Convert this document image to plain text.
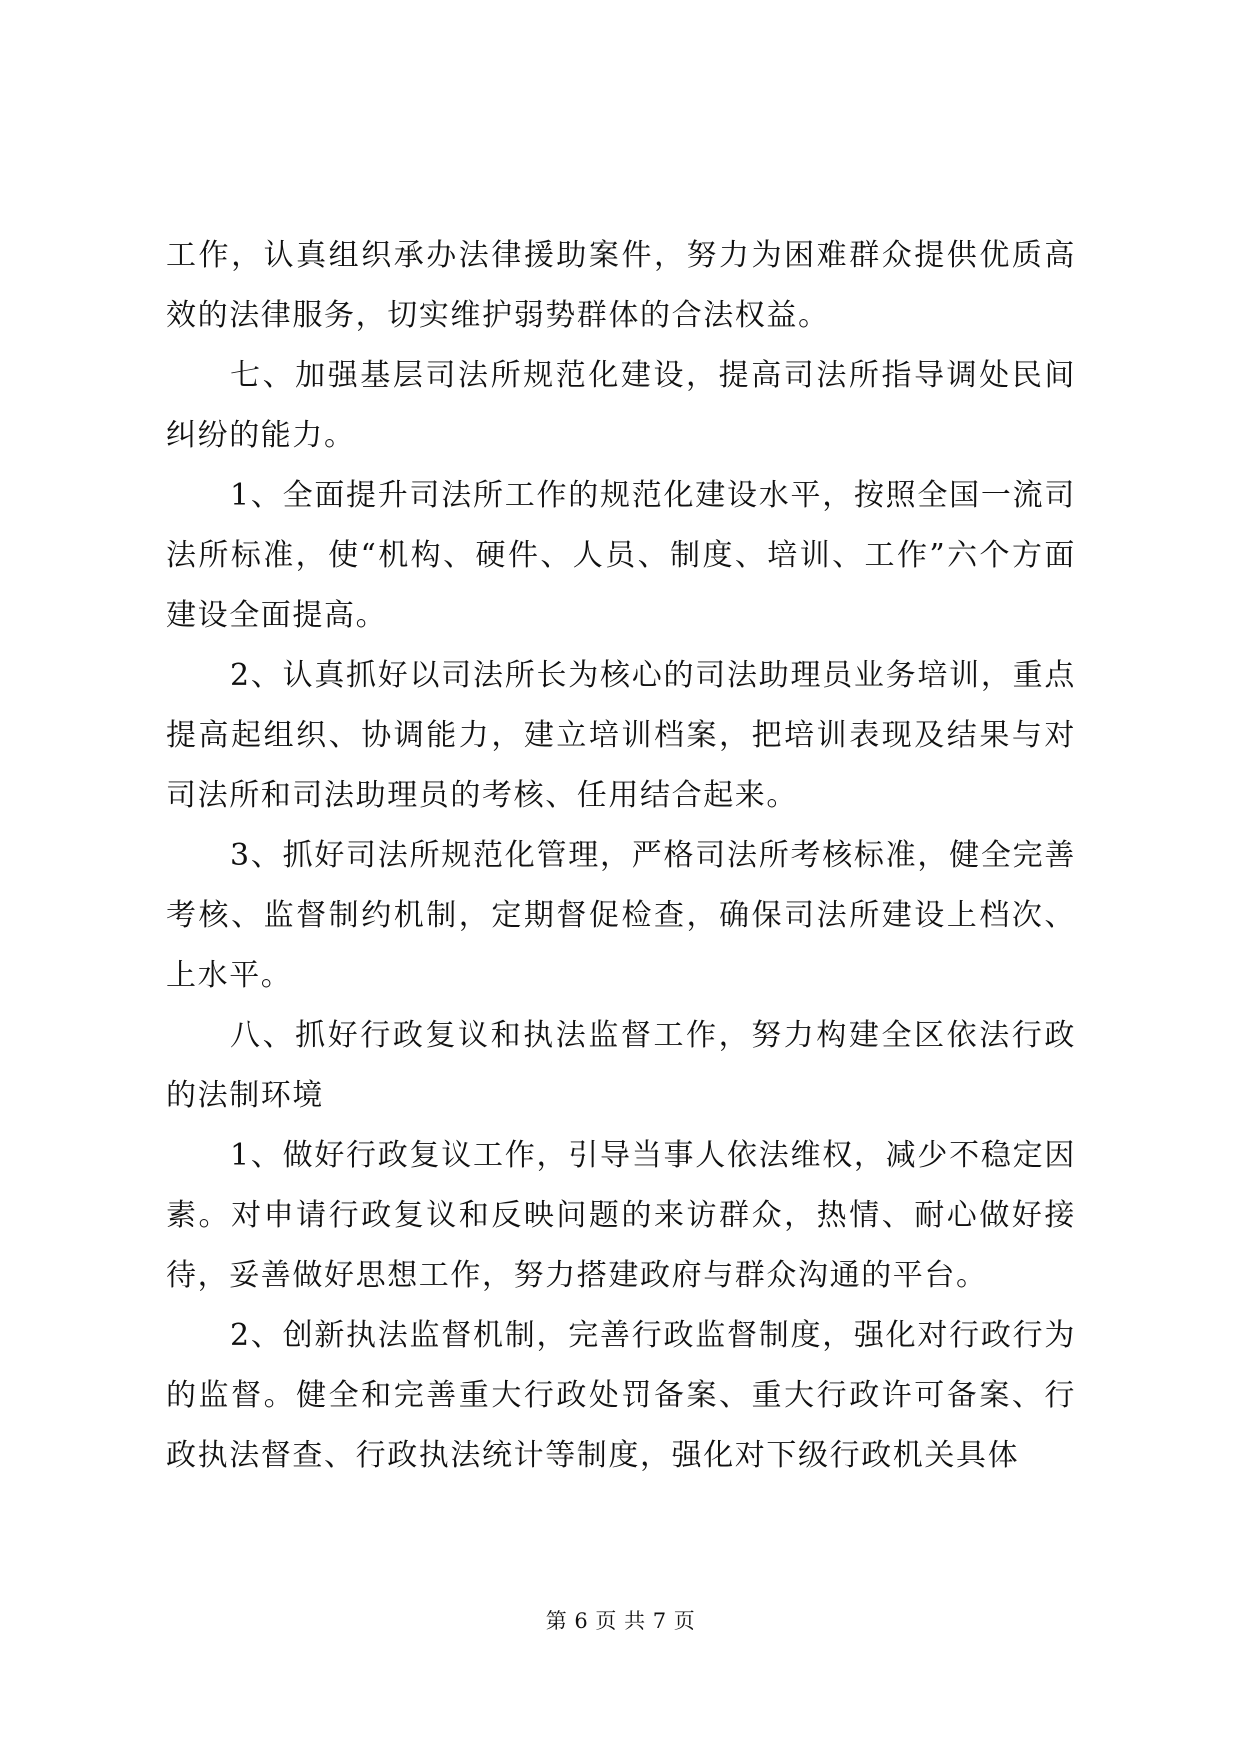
工作，认真组织承办法律援助案件，努力为困难群众提供优质高效的法律服务，切实维护弱势群体的合法权益。

七、加强基层司法所规范化建设，提高司法所指导调处民间纠纷的能力。

1、全面提升司法所工作的规范化建设水平，按照全国一流司法所标准，使“机构、硬件、人员、制度、培训、工作”六个方面建设全面提高。

2、认真抓好以司法所长为核心的司法助理员业务培训，重点提高起组织、协调能力，建立培训档案，把培训表现及结果与对司法所和司法助理员的考核、任用结合起来。

3、抓好司法所规范化管理，严格司法所考核标准，健全完善考核、监督制约机制，定期督促检查，确保司法所建设上档次、上水平。

八、抓好行政复议和执法监督工作，努力构建全区依法行政的法制环境

1、做好行政复议工作，引导当事人依法维权，减少不稳定因素。对申请行政复议和反映问题的来访群众，热情、耐心做好接待，妥善做好思想工作，努力搭建政府与群众沟通的平台。

2、创新执法监督机制，完善行政监督制度，强化对行政行为的监督。健全和完善重大行政处罚备案、重大行政许可备案、行政执法督查、行政执法统计等制度，强化对下级行政机关具体

第 6 页 共 7 页
